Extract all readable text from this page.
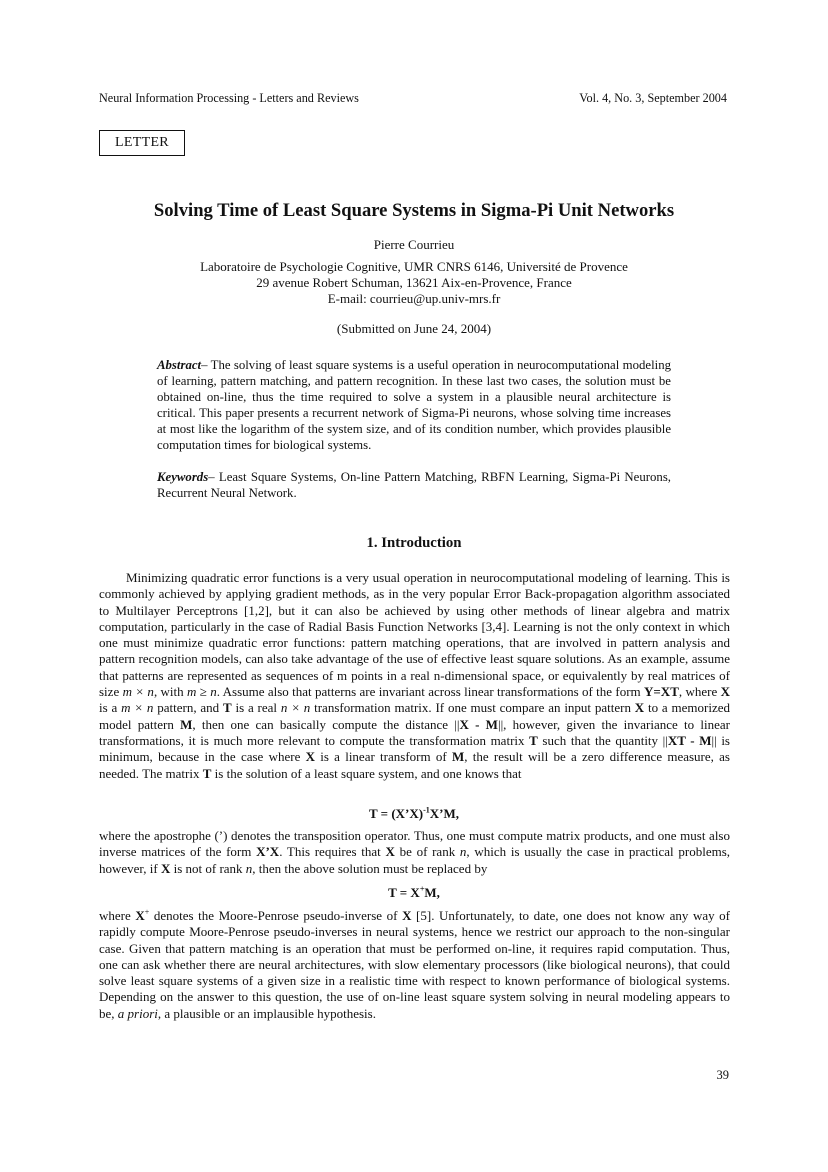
Neural Information Processing - Letters and Reviews	Vol. 4, No. 3, September 2004
LETTER
Solving Time of Least Square Systems in Sigma-Pi Unit Networks
Pierre Courrieu
Laboratoire de Psychologie Cognitive, UMR CNRS 6146, Université de Provence
29 avenue Robert Schuman, 13621 Aix-en-Provence, France
E-mail: courrieu@up.univ-mrs.fr
(Submitted on June 24, 2004)
Abstract– The solving of least square systems is a useful operation in neurocomputational modeling of learning, pattern matching, and pattern recognition. In these last two cases, the solution must be obtained on-line, thus the time required to solve a system in a plausible neural architecture is critical. This paper presents a recurrent network of Sigma-Pi neurons, whose solving time increases at most like the logarithm of the system size, and of its condition number, which provides plausible computation times for biological systems.
Keywords– Least Square Systems, On-line Pattern Matching, RBFN Learning, Sigma-Pi Neurons, Recurrent Neural Network.
1. Introduction
Minimizing quadratic error functions is a very usual operation in neurocomputational modeling of learning. This is commonly achieved by applying gradient methods, as in the very popular Error Back-propagation algorithm associated to Multilayer Perceptrons [1,2], but it can also be achieved by using other methods of linear algebra and matrix computation, particularly in the case of Radial Basis Function Networks [3,4]. Learning is not the only context in which one must minimize quadratic error functions: pattern matching operations, that are involved in pattern analysis and pattern recognition models, can also take advantage of the use of effective least square solutions. As an example, assume that patterns are represented as sequences of m points in a real n-dimensional space, or equivalently by real matrices of size m × n, with m ≥ n. Assume also that patterns are invariant across linear transformations of the form Y=XT, where X is a m × n pattern, and T is a real n × n transformation matrix. If one must compare an input pattern X to a memorized model pattern M, then one can basically compute the distance ||X - M||, however, given the invariance to linear transformations, it is much more relevant to compute the transformation matrix T such that the quantity ||XT - M|| is minimum, because in the case where X is a linear transform of M, the result will be a zero difference measure, as needed. The matrix T is the solution of a least square system, and one knows that
T = (X’X)$^{-1}$X’M,
where the apostrophe (’) denotes the transposition operator. Thus, one must compute matrix products, and one must also inverse matrices of the form X’X. This requires that X be of rank n, which is usually the case in practical problems, however, if X is not of rank n, then the above solution must be replaced by
T = X+M,
where X+ denotes the Moore-Penrose pseudo-inverse of X [5]. Unfortunately, to date, one does not know any way of rapidly compute Moore-Penrose pseudo-inverses in neural systems, hence we restrict our approach to the non-singular case. Given that pattern matching is an operation that must be performed on-line, it requires rapid computation. Thus, one can ask whether there are neural architectures, with slow elementary processors (like biological neurons), that could solve least square systems of a given size in a realistic time with respect to known performance of biological systems. Depending on the answer to this question, the use of on-line least square system solving in neural modeling appears to be, a priori, a plausible or an implausible hypothesis.
39
